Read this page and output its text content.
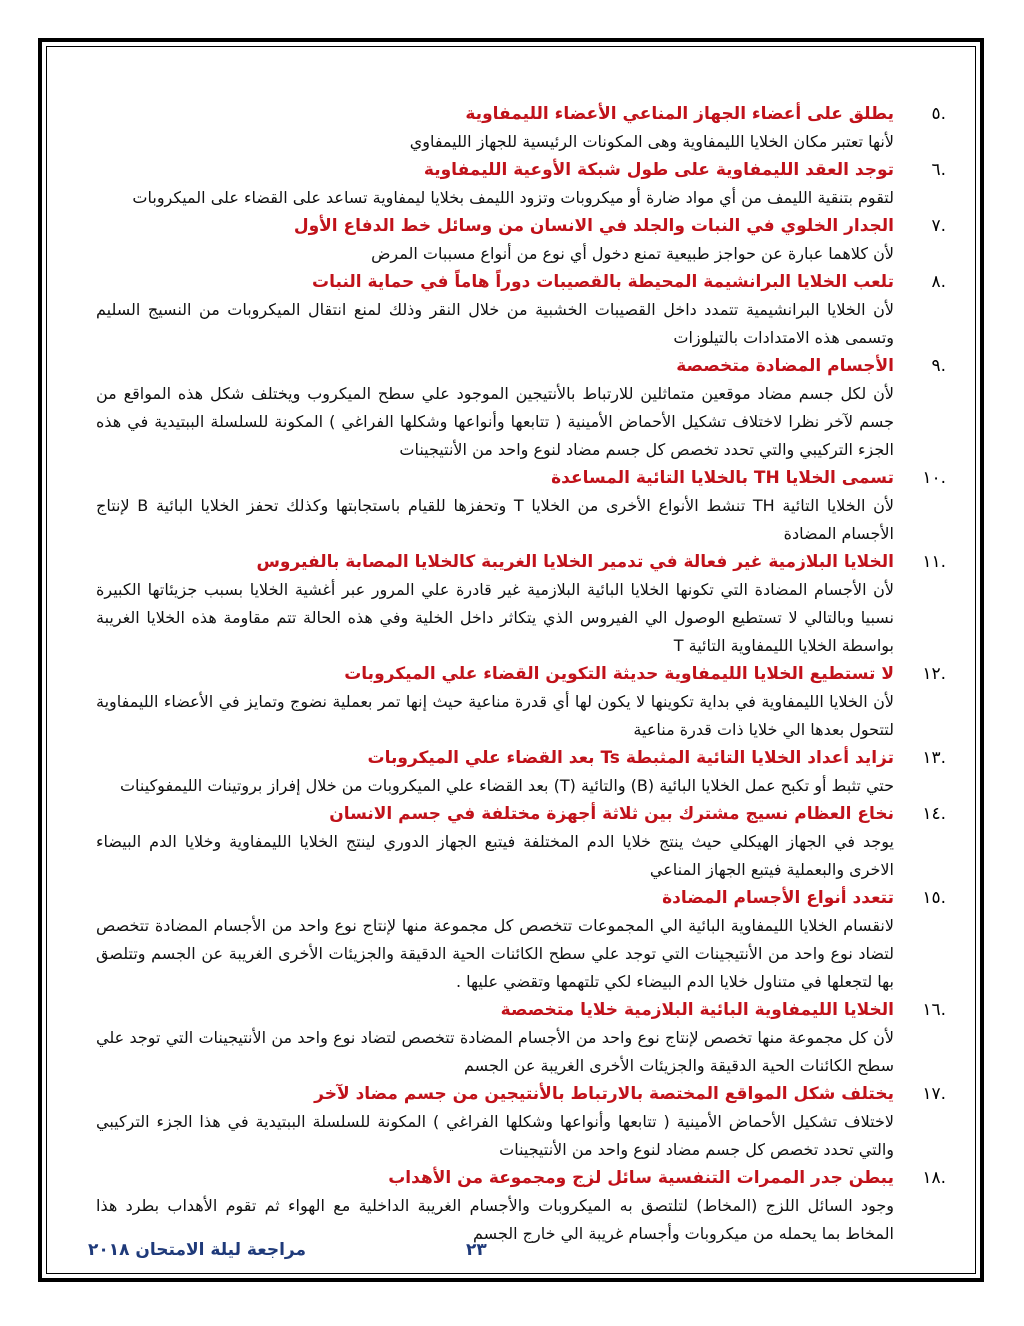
.٥
يطلق على أعضاء الجهاز المناعي الأعضاء الليمفاوية

لأنها تعتبر مكان الخلايا الليمفاوية وهى المكونات الرئيسية للجهاز الليمفاوي

.٦
توجد العقد الليمفاوية على طول شبكة الأوعية الليمفاوية

لتقوم بتنقية الليمف من أي مواد ضارة أو ميكروبات وتزود الليمف بخلايا ليمفاوية تساعد على القضاء على الميكروبات

.٧
الجدار الخلوي في النبات والجلد في الانسان من وسائل خط الدفاع الأول

لأن كلاهما عبارة عن حواجز طبيعية تمنع دخول أي نوع من أنواع مسببات المرض

.٨
تلعب الخلايا البرانشيمة المحيطة بالقصيبات دوراً هاماً في حماية النبات

لأن الخلايا البرانشيمية تتمدد داخل القصيبات الخشبية من خلال النقر وذلك لمنع انتقال الميكروبات من النسيج السليم وتسمى هذه الامتدادات بالتيلوزات

.٩
الأجسام المضادة متخصصة

لأن لكل جسم مضاد موقعين متماثلين للارتباط بالأنتيجين الموجود علي سطح الميكروب ويختلف شكل هذه المواقع من جسم لآخر نظرا لاختلاف تشكيل الأحماض الأمينية ( تتابعها وأنواعها وشكلها الفراغي ) المكونة للسلسلة الببتيدية في هذه الجزء التركيبي والتي تحدد تخصص كل جسم مضاد لنوع واحد من الأنتيجينات

.١٠
تسمى الخلايا TH بالخلايا التائية المساعدة

لأن الخلايا التائية TH تنشط الأنواع الأخرى من الخلايا T وتحفزها للقيام باستجابتها وكذلك تحفز الخلايا البائية B لإنتاج الأجسام المضادة

.١١
الخلايا البلازمية غير فعالة في تدمير الخلايا الغريبة كالخلايا المصابة بالفيروس

لأن الأجسام المضادة التي تكونها الخلايا البائية البلازمية غير قادرة علي المرور عبر أغشية الخلايا بسبب جزيئاتها الكبيرة نسبيا وبالتالي لا تستطيع الوصول الي الفيروس الذي يتكاثر داخل الخلية وفي هذه الحالة تتم مقاومة هذه الخلايا الغريبة بواسطة الخلايا الليمفاوية التائية T

.١٢
لا تستطيع الخلايا الليمفاوية حديثة التكوين القضاء علي الميكروبات

لأن الخلايا الليمفاوية في بداية تكوينها لا يكون لها أي قدرة مناعية حيث إنها تمر بعملية نضوج وتمايز في الأعضاء الليمفاوية لتتحول بعدها الي خلايا ذات قدرة مناعية

.١٣
تزايد أعداد الخلايا التائية المثبطة Ts بعد القضاء علي الميكروبات

حتي تثبط أو تكبح عمل الخلايا البائية (B) والتائية (T) بعد القضاء علي الميكروبات من خلال إفراز بروتينات الليمفوكينات

.١٤
نخاع العظام نسيج مشترك بين ثلاثة أجهزة مختلفة في جسم الانسان

يوجد في الجهاز الهيكلي حيث ينتج خلايا الدم المختلفة فيتبع الجهاز الدوري لينتج الخلايا الليمفاوية وخلايا الدم البيضاء الاخرى والبعملية فيتبع الجهاز المناعي

.١٥
تتعدد أنواع الأجسام المضادة

لانقسام الخلايا الليمفاوية البائية الي المجموعات تتخصص كل مجموعة منها لإنتاج نوع واحد من الأجسام المضادة تتخصص لتضاد نوع واحد من الأنتيجينات التي توجد علي سطح الكائنات الحية الدقيقة والجزيئات الأخرى الغريبة عن الجسم وتتلصق بها لتجعلها في متناول خلايا الدم البيضاء لكي تلتهمها وتقضي عليها .

.١٦
الخلايا الليمفاوية البائية البلازمية خلايا متخصصة

لأن كل مجموعة منها تخصص لإنتاج نوع واحد من الأجسام المضادة تتخصص لتضاد نوع واحد من الأنتيجينات التي توجد علي سطح الكائنات الحية الدقيقة والجزيئات الأخرى الغريبة عن الجسم

.١٧
يختلف شكل المواقع المختصة بالارتباط بالأنتيجين من جسم مضاد لآخر

لاختلاف تشكيل الأحماض الأمينية ( تتابعها وأنواعها وشكلها الفراغي ) المكونة للسلسلة الببتيدية في هذا الجزء التركيبي والتي تحدد تخصص كل جسم مضاد لنوع واحد من الأنتيجينات

.١٨
يبطن جدر الممرات التنفسية سائل لزج ومجموعة من الأهداب

وجود السائل اللزج (المخاط) لتلتصق به الميكروبات والأجسام الغريبة الداخلية مع الهواء ثم تقوم الأهداب بطرد هذا المخاط بما يحمله من ميكروبات وأجسام غريبة الي خارج الجسم

مراجعة ليلة الامتحان ٢٠١٨	٢٣
